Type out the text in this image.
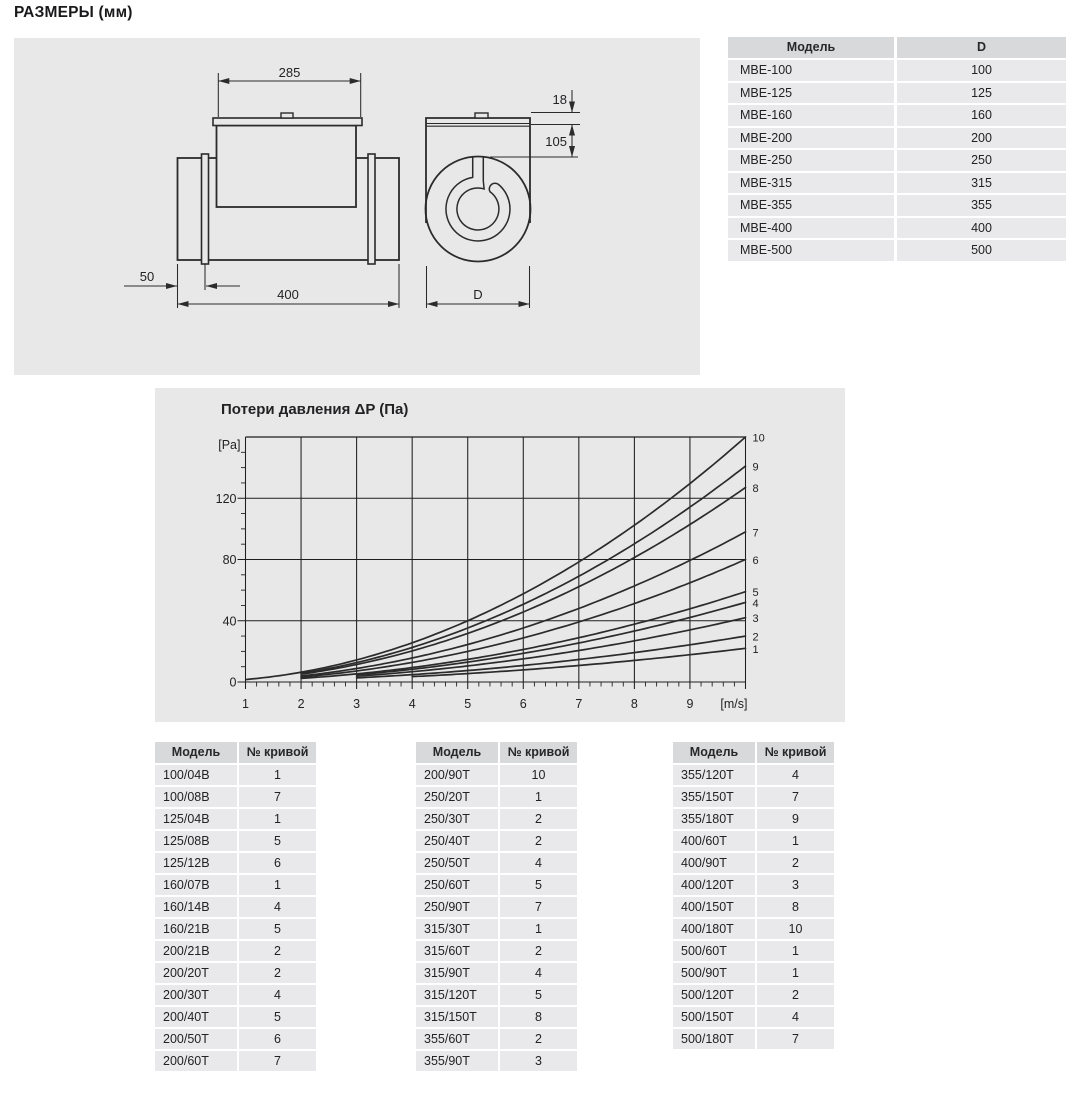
РАЗМЕРЫ (мм)
285
50
400
18
105
D
Модель	D
МВЕ-100	100
МВЕ-125	125
МВЕ-160	160
МВЕ-200	200
МВЕ-250	250
МВЕ-315	315
МВЕ-355	355
МВЕ-400	400
МВЕ-500	500
Потери давления ΔP (Па)
1	2	3	4	5	6	7	8	9
0
40
80
120
[Pa]
[m/s]
10
9
8
7
6
5
4
3
2
1
Модель	№ кривой
100/04В	1
100/08В	7
125/04В	1
125/08В	5
125/12В	6
160/07В	1
160/14В	4
160/21В	5
200/21В	2
200/20Т	2
200/30Т	4
200/40Т	5
200/50Т	6
200/60Т	7
Модель	№ кривой
200/90Т	10
250/20Т	1
250/30Т	2
250/40Т	2
250/50Т	4
250/60Т	5
250/90Т	7
315/30Т	1
315/60Т	2
315/90Т	4
315/120Т	5
315/150Т	8
355/60Т	2
355/90Т	3
Модель	№ кривой
355/120Т	4
355/150Т	7
355/180Т	9
400/60Т	1
400/90Т	2
400/120Т	3
400/150Т	8
400/180Т	10
500/60Т	1
500/90Т	1
500/120Т	2
500/150Т	4
500/180Т	7
